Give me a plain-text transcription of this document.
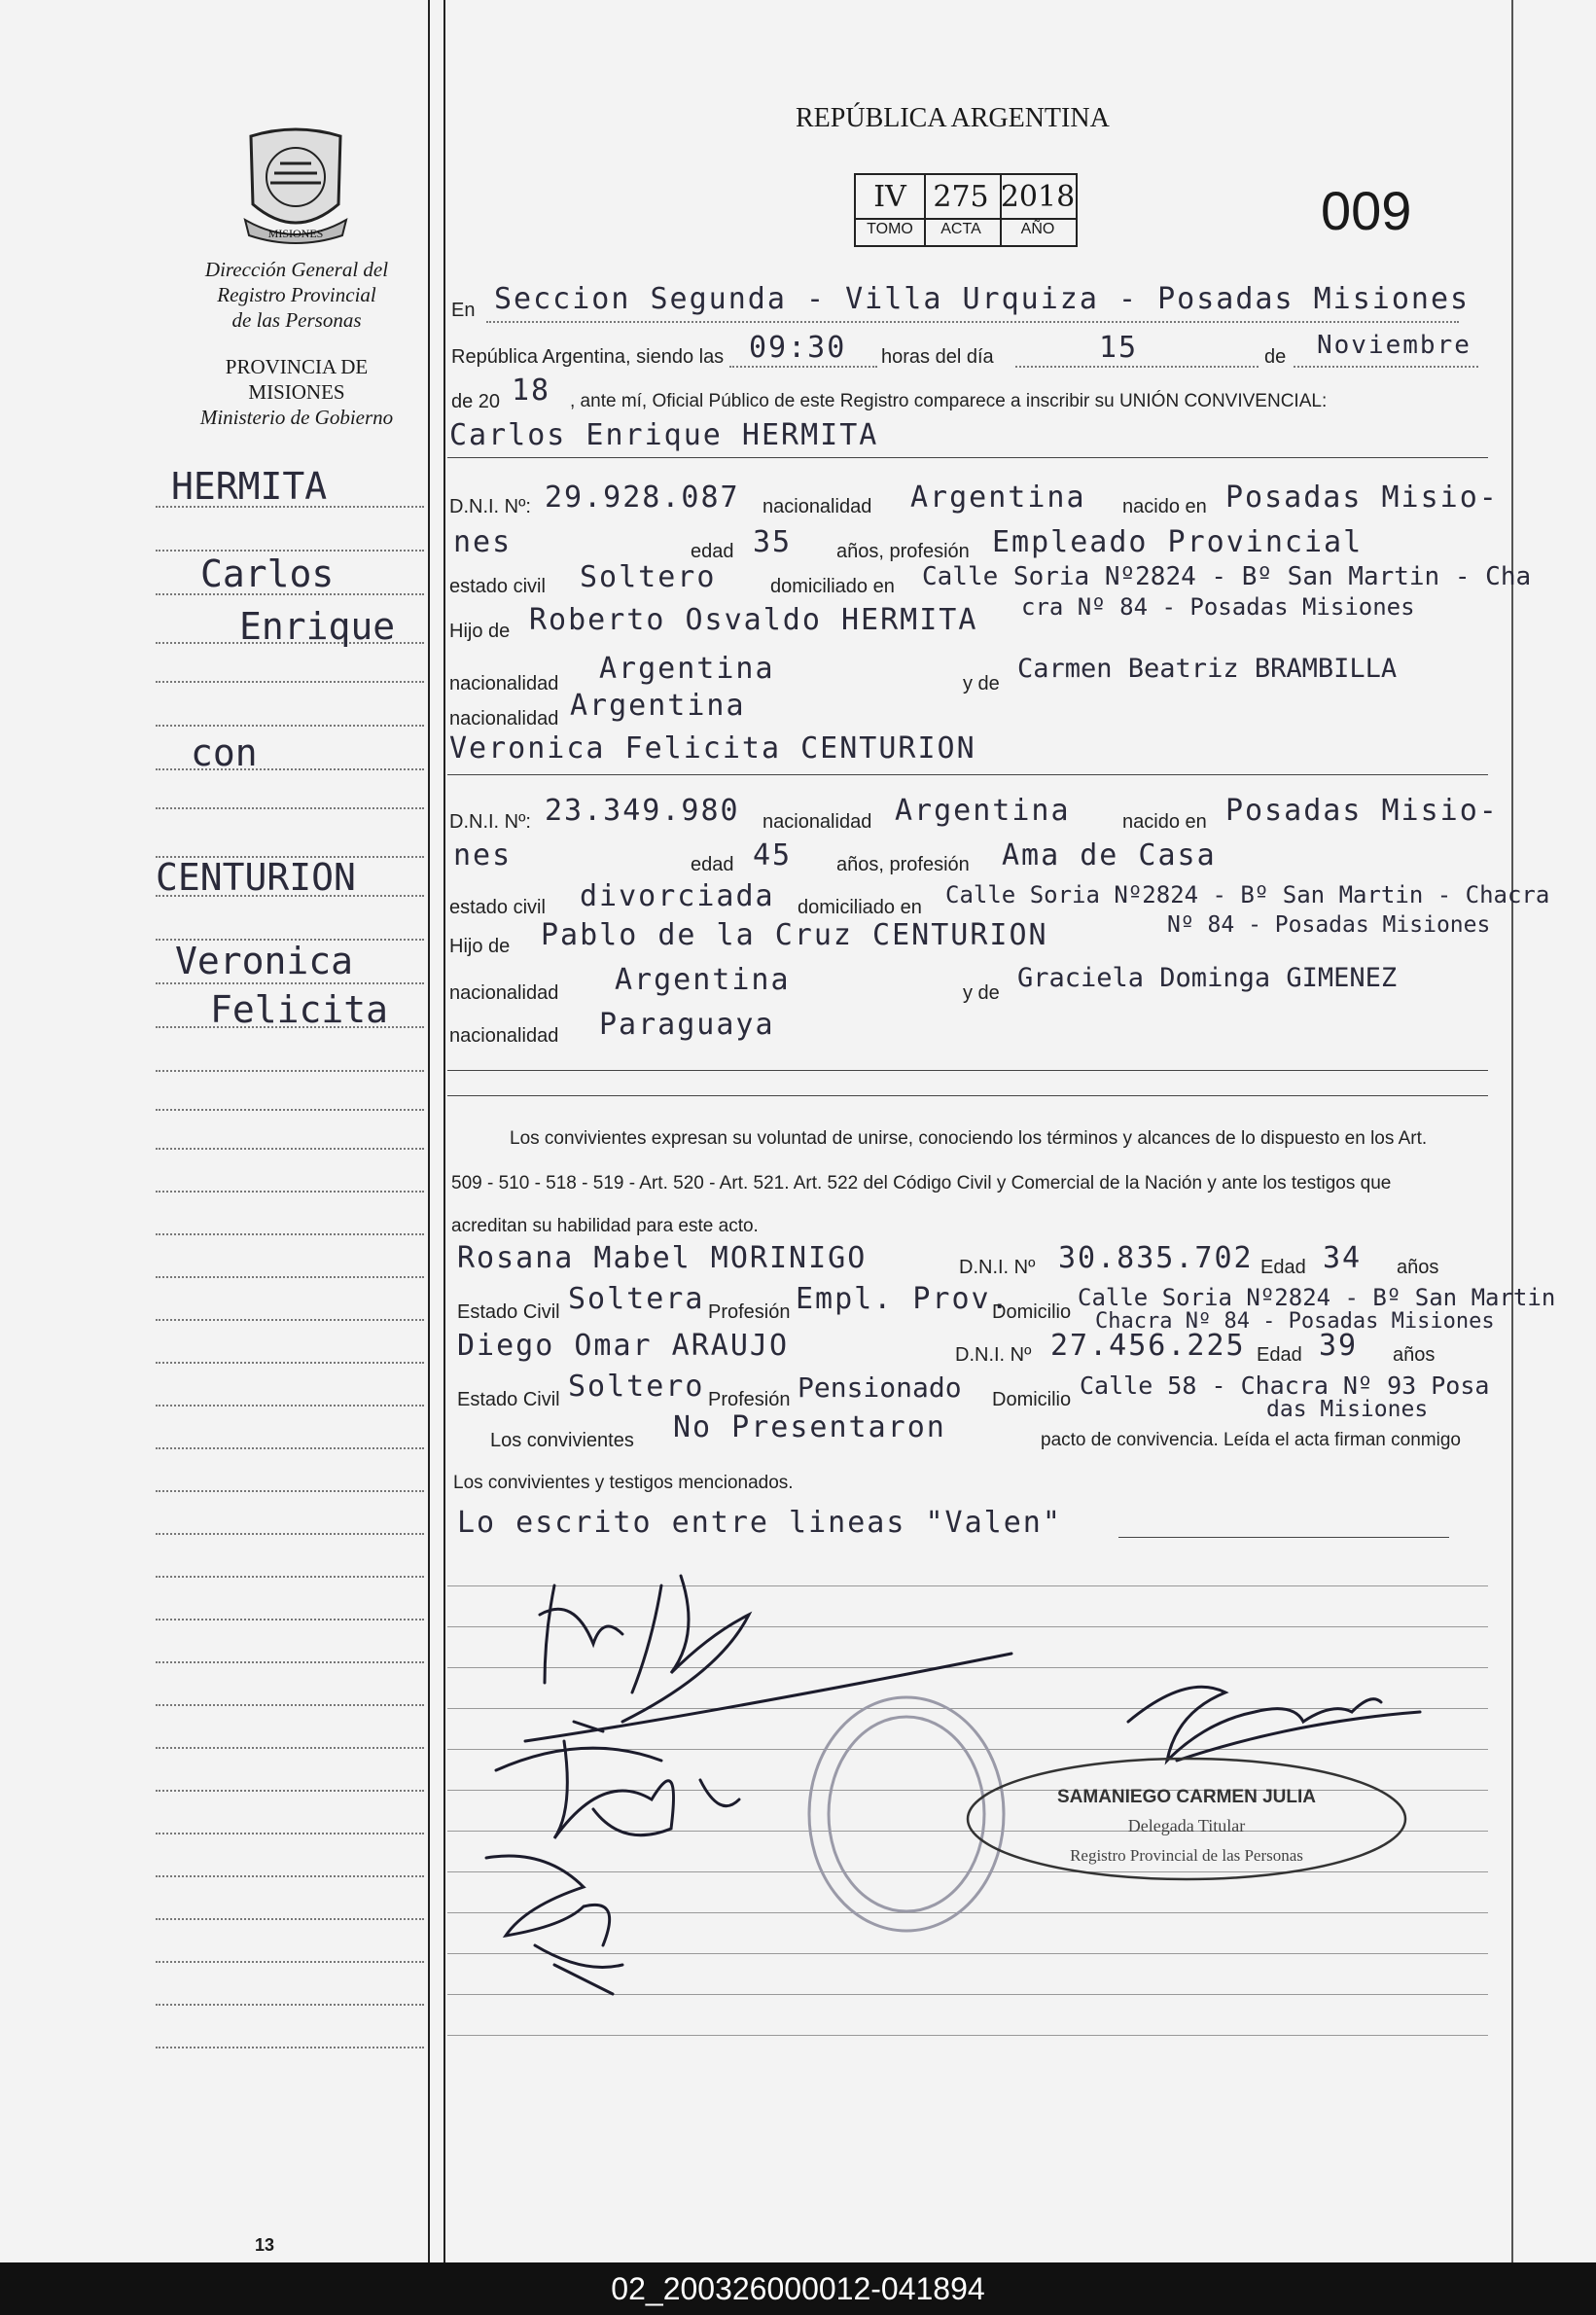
MISIONES
Dirección General del
Registro Provincial
de las Personas
PROVINCIA DE
MISIONES
Ministerio de Gobierno
HERMITA
Carlos
Enrique
con
CENTURION
Veronica
Felicita
13
REPÚBLICA ARGENTINA
IV 275 2018
TOMO	ACTA	AÑO	009
En Seccion Segunda - Villa Urquiza - Posadas Misiones
República Argentina, siendo las 09:30 horas del día	15	de Noviembre
de 20 18 , ante mí, Oficial Público de este Registro comparece a inscribir su UNIÓN CONVIVENCIAL:
Carlos Enrique HERMITA
D.N.I. Nº: 29.928.087 nacionalidad Argentina nacido en Posadas Misio-
nes	edad 35 años, profesión Empleado Provincial
estado civil Soltero	domiciliado en Calle Soria Nº2824 - Bº San Martin - Cha
Hijo de Roberto Osvaldo HERMITA cra Nº 84 - Posadas Misiones
nacionalidad Argentina	y de Carmen Beatriz BRAMBILLA
nacionalidad Argentina
Veronica Felicita CENTURION
D.N.I. Nº: 23.349.980 nacionalidad Argentina	nacido en Posadas Misio-
nes	edad 45 años, profesión Ama de Casa
estado civil divorciada domiciliado en Calle Soria Nº2824 - Bº San Martin - Chacra
Hijo de Pablo de la Cruz CENTURION	Nº 84 - Posadas Misiones
nacionalidad Argentina	y de Graciela Dominga GIMENEZ
nacionalidad Paraguaya
Los convivientes expresan su voluntad de unirse, conociendo los términos y alcances de lo dispuesto en los Art.
509 - 510 - 518 - 519 - Art. 520 - Art. 521. Art. 522 del Código Civil y Comercial de la Nación y ante los testigos que
acreditan su habilidad para este acto.
Rosana Mabel MORINIGO	D.N.I. Nº 30.835.702 Edad 34 años
Estado Civil Soltera Profesión Empl. Prov.
Domicilio
Calle Soria Nº2824 - Bº San Martin
Chacra Nº 84 - Posadas Misiones
Diego Omar ARAUJO	D.N.I. Nº 27.456.225 Edad 39 años
Estado Civil Soltero Profesión Pensionado Domicilio Calle 58 - Chacra Nº 93 Posa
das Misiones
Los convivientes No Presentaron	pacto de convivencia. Leída el acta firman conmigo
Los convivientes y testigos mencionados.
Lo escrito entre lineas "Valen"
SAMANIEGO CARMEN JULIA
Delegada Titular
Registro Provincial de las Personas
02_200326000012-041894
